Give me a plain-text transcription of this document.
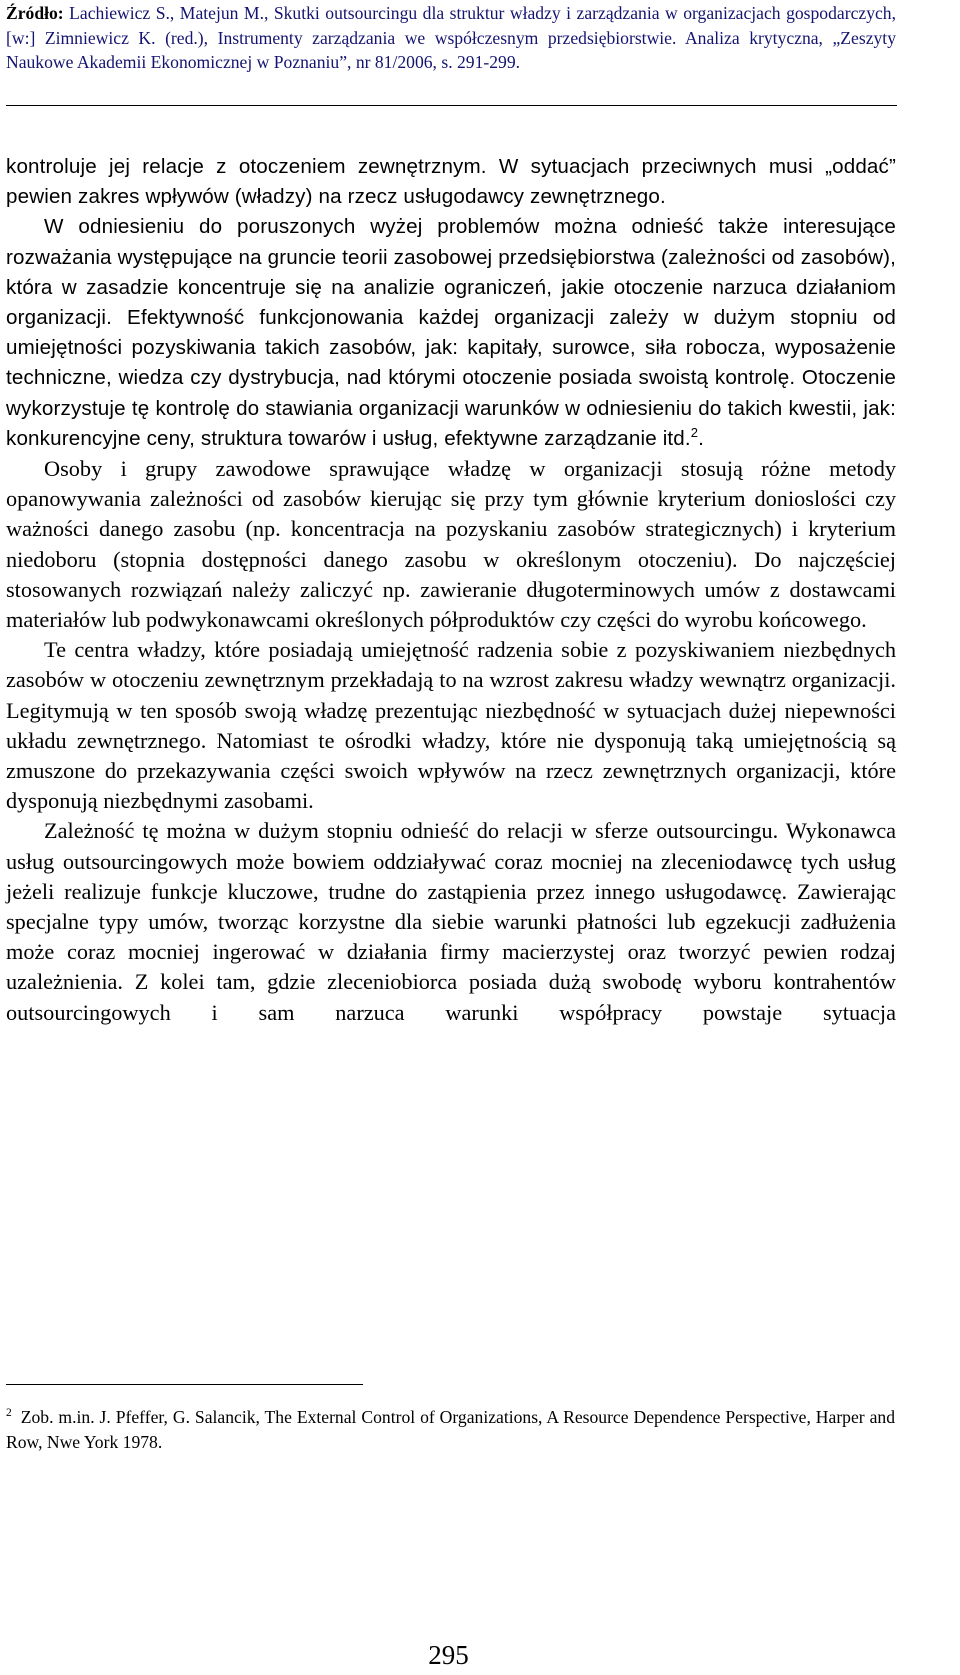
Źródło: Lachiewicz S., Matejun M., Skutki outsourcingu dla struktur władzy i zarządzania w organizacjach gospodarczych, [w:] Zimniewicz K. (red.), Instrumenty zarządzania we współczesnym przedsiębiorstwie. Analiza krytyczna, „Zeszyty Naukowe Akademii Ekonomicznej w Poznaniu”, nr 81/2006, s. 291-299.

kontroluje jej relacje z otoczeniem zewnętrznym. W sytuacjach przeciwnych musi „oddać” pewien zakres wpływów (władzy) na rzecz usługodawcy zewnętrznego.

W odniesieniu do poruszonych wyżej problemów można odnieść także interesujące rozważania występujące na gruncie teorii zasobowej przedsiębiorstwa (zależności od zasobów), która w zasadzie koncentruje się na analizie ograniczeń, jakie otoczenie narzuca działaniom organizacji. Efektywność funkcjonowania każdej organizacji zależy w dużym stopniu od umiejętności pozyskiwania takich zasobów, jak: kapitały, surowce, siła robocza, wyposażenie techniczne, wiedza czy dystrybucja, nad którymi otoczenie posiada swoistą kontrolę. Otoczenie wykorzystuje tę kontrolę do stawiania organizacji warunków w odniesieniu do takich kwestii, jak: konkurencyjne ceny, struktura towarów i usług, efektywne zarządzanie itd.$^2$.

Osoby i grupy zawodowe sprawujące władzę w organizacji stosują różne metody opanowywania zależności od zasobów kierując się przy tym głównie kryterium donioslości czy ważności danego zasobu (np. koncentracja na pozyskaniu zasobów strategicznych) i kryterium niedoboru (stopnia dostępności danego zasobu w określonym otoczeniu). Do najczęściej stosowanych rozwiązań należy zaliczyć np. zawieranie długoterminowych umów z dostawcami materiałów lub podwykonawcami określonych półproduktów czy części do wyrobu końcowego.

Te centra władzy, które posiadają umiejętność radzenia sobie z pozyskiwaniem niezbędnych zasobów w otoczeniu zewnętrznym przekładają to na wzrost zakresu władzy wewnątrz organizacji. Legitymują w ten sposób swoją władzę prezentując niezbędność w sytuacjach dużej niepewności układu zewnętrznego. Natomiast te ośrodki władzy, które nie dysponują taką umiejętnością są zmuszone do przekazywania części swoich wpływów na rzecz zewnętrznych organizacji, które dysponują niezbędnymi zasobami.

Zależność tę można w dużym stopniu odnieść do relacji w sferze outsourcingu. Wykonawca usług outsourcingowych może bowiem oddziaływać coraz mocniej na zleceniodawcę tych usług jeżeli realizuje funkcje kluczowe, trudne do zastąpienia przez innego usługodawcę. Zawierając specjalne typy umów, tworząc korzystne dla siebie warunki płatności lub egzekucji zadłużenia może coraz mocniej ingerować w działania firmy macierzystej oraz tworzyć pewien rodzaj uzależnienia. Z kolei tam, gdzie zleceniobiorca posiada dużą swobodę wyboru kontrahentów outsourcingowych i sam narzuca warunki współpracy powstaje sytuacja

$^2$ Zob. m.in. J. Pfeffer, G. Salancik, The External Control of Organizations, A Resource Dependence Perspective, Harper and Row, Nwe York 1978.
295
